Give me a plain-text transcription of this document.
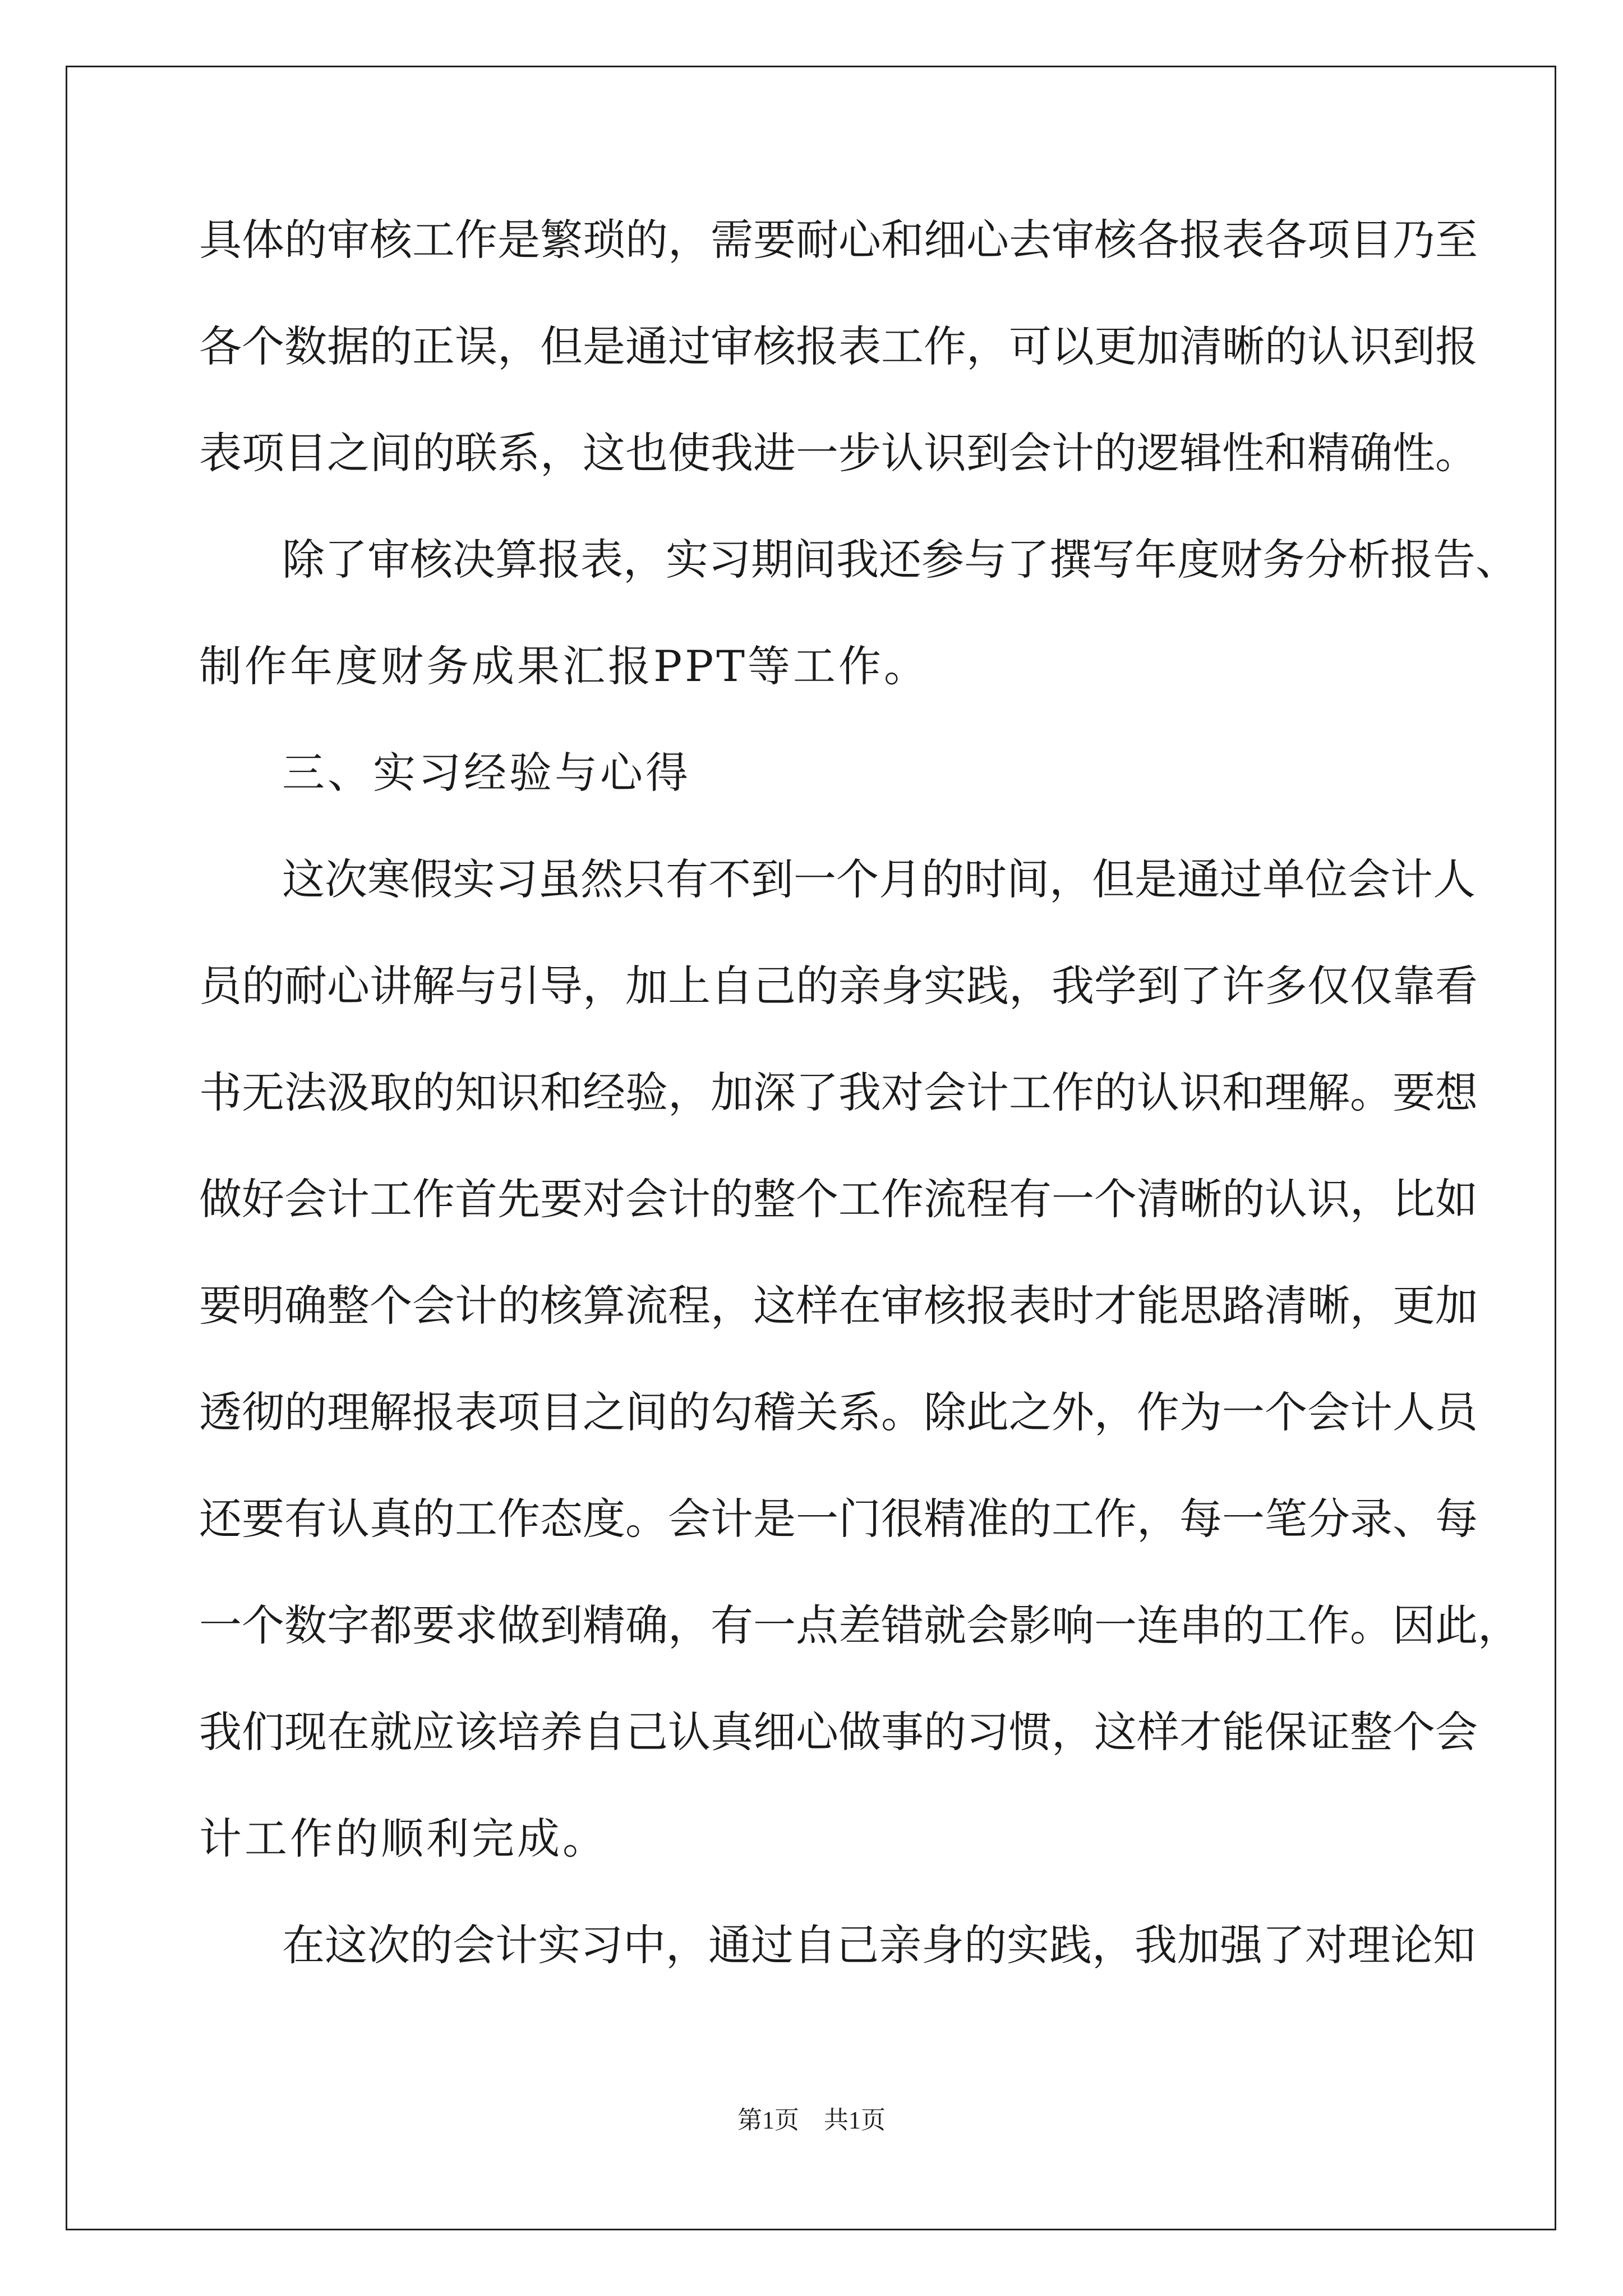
具体的审核工作是繁琐的，需要耐心和细心去审核各报表各项目乃至
各个数据的正误，但是通过审核报表工作，可以更加清晰的认识到报
表项目之间的联系，这也使我进一步认识到会计的逻辑性和精确性。
除了审核决算报表，实习期间我还参与了撰写年度财务分析报告、
制作年度财务成果汇报PPT等工作。
三、实习经验与心得
这次寒假实习虽然只有不到一个月的时间，但是通过单位会计人
员的耐心讲解与引导，加上自己的亲身实践，我学到了许多仅仅靠看
书无法汲取的知识和经验，加深了我对会计工作的认识和理解。要想
做好会计工作首先要对会计的整个工作流程有一个清晰的认识，比如
要明确整个会计的核算流程，这样在审核报表时才能思路清晰，更加
透彻的理解报表项目之间的勾稽关系。除此之外，作为一个会计人员
还要有认真的工作态度。会计是一门很精准的工作，每一笔分录、每
一个数字都要求做到精确，有一点差错就会影响一连串的工作。因此，
我们现在就应该培养自己认真细心做事的习惯，这样才能保证整个会
计工作的顺利完成。
在这次的会计实习中，通过自己亲身的实践，我加强了对理论知
第1页 共1页
